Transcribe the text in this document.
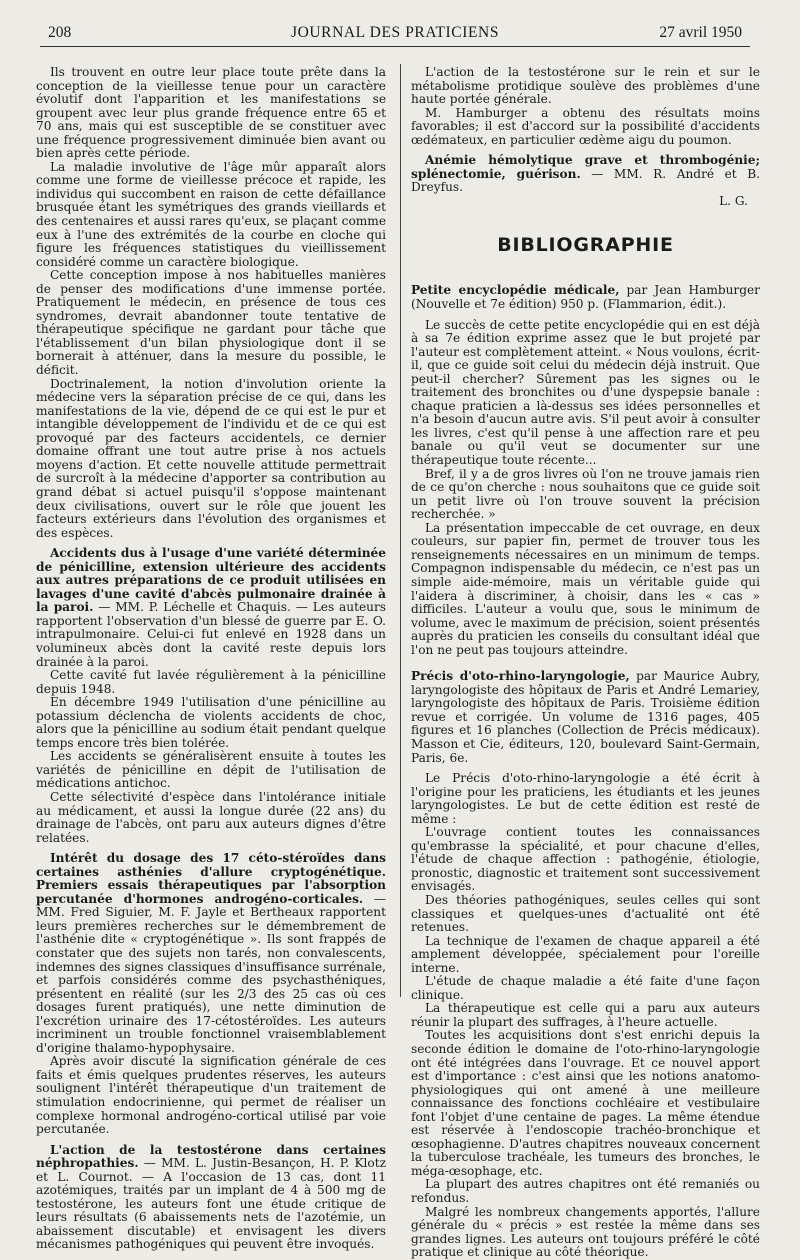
208	JOURNAL DES PRATICIENS	27 avril 1950

Ils trouvent en outre leur place toute prête dans la conception de la vieillesse tenue pour un caractère évolutif dont l'apparition et les manifestations se groupent avec leur plus grande fréquence entre 65 et 70 ans, mais qui est susceptible de se constituer avec une fréquence progressivement diminuée bien avant ou bien après cette période.

La maladie involutive de l'âge mûr apparaît alors comme une forme de vieillesse précoce et rapide, les individus qui succombent en raison de cette défaillance brusquée étant les symétriques des grands vieillards et des centenaires et aussi rares qu'eux, se plaçant comme eux à l'une des extrémités de la courbe en cloche qui figure les fréquences statistiques du vieillissement considéré comme un caractère biologique.

Cette conception impose à nos habituelles manières de penser des modifications d'une immense portée. Pratiquement le médecin, en présence de tous ces syndromes, devrait abandonner toute tentative de thérapeutique spécifique ne gardant pour tâche que l'établissement d'un bilan physiologique dont il se bornerait à atténuer, dans la mesure du possible, le déficit.

Doctrinalement, la notion d'involution oriente la médecine vers la séparation précise de ce qui, dans les manifestations de la vie, dépend de ce qui est le pur et intangible développement de l'individu et de ce qui est provoqué par des facteurs accidentels, ce dernier domaine offrant une tout autre prise à nos actuels moyens d'action. Et cette nouvelle attitude permettrait de surcroît à la médecine d'apporter sa contribution au grand débat si actuel puisqu'il s'oppose maintenant deux civilisations, ouvert sur le rôle que jouent les facteurs extérieurs dans l'évolution des organismes et des espèces.

Accidents dus à l'usage d'une variété déterminée de pénicilline, extension ultérieure des accidents aux autres préparations de ce produit utilisées en lavages d'une cavité d'abcès pulmonaire drainée à la paroi. — MM. P. Léchelle et Chaquis. — Les auteurs rapportent l'observation d'un blessé de guerre par E. O. intrapulmonaire. Celui-ci fut enlevé en 1928 dans un volumineux abcès dont la cavité reste depuis lors drainée à la paroi.

Cette cavité fut lavée régulièrement à la pénicilline depuis 1948.

En décembre 1949 l'utilisation d'une pénicilline au potassium déclencha de violents accidents de choc, alors que la pénicilline au sodium était pendant quelque temps encore très bien tolérée.

Les accidents se généralisèrent ensuite à toutes les variétés de pénicilline en dépit de l'utilisation de médications antichoc.

Cette sélectivité d'espèce dans l'intolérance initiale au médicament, et aussi la longue durée (22 ans) du drainage de l'abcès, ont paru aux auteurs dignes d'être relatées.

Intérêt du dosage des 17 céto-stéroïdes dans certaines asthénies d'allure cryptogénétique. Premiers essais thérapeutiques par l'absorption percutanée d'hormones androgéno-corticales. — MM. Fred Siguier, M. F. Jayle et Bertheaux rapportent leurs premières recherches sur le démembrement de l'asthénie dite « cryptogénétique ». Ils sont frappés de constater que des sujets non tarés, non convalescents, indemnes des signes classiques d'insuffisance surrénale, et parfois considérés comme des psychasthéniques, présentent en réalité (sur les 2/3 des 25 cas où ces dosages furent pratiqués), une nette diminution de l'excrétion urinaire des 17-cétostéroïdes. Les auteurs incriminent un trouble fonctionnel vraisemblablement d'origine thalamo-hypophysaire.

Après avoir discuté la signification générale de ces faits et émis quelques prudentes réserves, les auteurs soulignent l'intérêt thérapeutique d'un traitement de stimulation endocrinienne, qui permet de réaliser un complexe hormonal androgéno-cortical utilisé par voie percutanée.

L'action de la testostérone dans certaines néphropathies. — MM. L. Justin-Besançon, H. P. Klotz et L. Cournot. — A l'occasion de 13 cas, dont 11 azotémiques, traités par un implant de 4 à 500 mg de testostérone, les auteurs font une étude critique de leurs résultats (6 abaissements nets de l'azotémie, un abaissement discutable) et envisagent les divers mécanismes pathogéniques qui peuvent être invoqués.

L'action de la testostérone sur le rein et sur le métabolisme protidique soulève des problèmes d'une haute portée générale.

M. Hamburger a obtenu des résultats moins favorables; il est d'accord sur la possibilité d'accidents œdémateux, en particulier œdème aigu du poumon.

Anémie hémolytique grave et thrombogénie; splénectomie, guérison. — MM. R. André et B. Dreyfus.

L. G.
BIBLIOGRAPHIE

Petite encyclopédie médicale, par Jean Hamburger (Nouvelle et 7e édition) 950 p. (Flammarion, édit.).

Le succès de cette petite encyclopédie qui en est déjà à sa 7e édition exprime assez que le but projeté par l'auteur est complètement atteint. « Nous voulons, écrit-il, que ce guide soit celui du médecin déjà instruit. Que peut-il chercher? Sûrement pas les signes ou le traitement des bronchites ou d'une dyspepsie banale : chaque praticien a là-dessus ses idées personnelles et n'a besoin d'aucun autre avis. S'il peut avoir à consulter les livres, c'est qu'il pense à une affection rare et peu banale ou qu'il veut se documenter sur une thérapeutique toute récente...

Bref, il y a de gros livres où l'on ne trouve jamais rien de ce qu'on cherche : nous souhaitons que ce guide soit un petit livre où l'on trouve souvent la précision recherchée. »

La présentation impeccable de cet ouvrage, en deux couleurs, sur papier fin, permet de trouver tous les renseignements nécessaires en un minimum de temps. Compagnon indispensable du médecin, ce n'est pas un simple aide-mémoire, mais un véritable guide qui l'aidera à discriminer, à choisir, dans les « cas » difficiles. L'auteur a voulu que, sous le minimum de volume, avec le maximum de précision, soient présentés auprès du praticien les conseils du consultant idéal que l'on ne peut pas toujours atteindre.

Précis d'oto-rhino-laryngologie, par Maurice Aubry, laryngologiste des hôpitaux de Paris et André Lemariey, laryngologiste des hôpitaux de Paris. Troisième édition revue et corrigée. Un volume de 1316 pages, 405 figures et 16 planches (Collection de Précis médicaux). Masson et Cie, éditeurs, 120, boulevard Saint-Germain, Paris, 6e.

Le Précis d'oto-rhino-laryngologie a été écrit à l'origine pour les praticiens, les étudiants et les jeunes laryngologistes. Le but de cette édition est resté de même :

L'ouvrage contient toutes les connaissances qu'embrasse la spécialité, et pour chacune d'elles, l'étude de chaque affection : pathogénie, étiologie, pronostic, diagnostic et traitement sont successivement envisagés.

Des théories pathogéniques, seules celles qui sont classiques et quelques-unes d'actualité ont été retenues.

La technique de l'examen de chaque appareil a été amplement développée, spécialement pour l'oreille interne.

L'étude de chaque maladie a été faite d'une façon clinique.

La thérapeutique est celle qui a paru aux auteurs réunir la plupart des suffrages, à l'heure actuelle.

Toutes les acquisitions dont s'est enrichi depuis la seconde édition le domaine de l'oto-rhino-laryngologie ont été intégrées dans l'ouvrage. Et ce nouvel apport est d'importance : c'est ainsi que les notions anatomo-physiologiques qui ont amené à une meilleure connaissance des fonctions cochléaire et vestibulaire font l'objet d'une centaine de pages. La même étendue est réservée à l'endoscopie trachéo-bronchique et œsophagienne. D'autres chapitres nouveaux concernent la tuberculose trachéale, les tumeurs des bronches, le méga-œsophage, etc.

La plupart des autres chapitres ont été remaniés ou refondus.

Malgré les nombreux changements apportés, l'allure générale du « précis » est restée la même dans ses grandes lignes. Les auteurs ont toujours préféré le côté pratique et clinique au côté théorique.
